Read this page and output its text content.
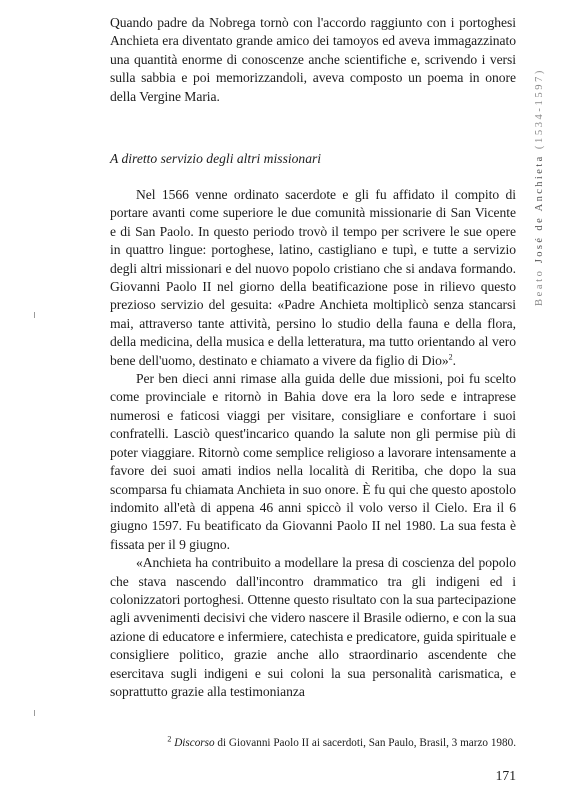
Beato José de Anchieta (1534-1597)

Quando padre da Nobrega tornò con l'accordo raggiunto con i portoghesi Anchieta era diventato grande amico dei tamoyos ed aveva immagazzinato una quantità enorme di conoscenze anche scientifiche e, scrivendo i versi sulla sabbia e poi memorizzandoli, aveva composto un poema in onore della Vergine Maria.

A diretto servizio degli altri missionari

Nel 1566 venne ordinato sacerdote e gli fu affidato il compito di portare avanti come superiore le due comunità missionarie di San Vicente e di San Paolo. In questo periodo trovò il tempo per scrivere le sue opere in quattro lingue: portoghese, latino, castigliano e tupì, e tutte a servizio degli altri missionari e del nuovo popolo cristiano che si andava formando. Giovanni Paolo II nel giorno della beatificazione pose in rilievo questo prezioso servizio del gesuita: «Padre Anchieta moltiplicò senza stancarsi mai, attraverso tante attività, persino lo studio della fauna e della flora, della medicina, della musica e della letteratura, ma tutto orientando al vero bene dell'uomo, destinato e chiamato a vivere da figlio di Dio»$^2$.

Per ben dieci anni rimase alla guida delle due missioni, poi fu scelto come provinciale e ritornò in Bahia dove era la loro sede e intraprese numerosi e faticosi viaggi per visitare, consigliare e confortare i suoi confratelli. Lasciò quest'incarico quando la salute non gli permise più di poter viaggiare. Ritornò come semplice religioso a lavorare intensamente a favore dei suoi amati indios nella località di Reritiba, che dopo la sua scomparsa fu chiamata Anchieta in suo onore. È fu qui che questo apostolo indomito all'età di appena 46 anni spiccò il volo verso il Cielo. Era il 6 giugno 1597. Fu beatificato da Giovanni Paolo II nel 1980. La sua festa è fissata per il 9 giugno.

«Anchieta ha contribuito a modellare la presa di coscienza del popolo che stava nascendo dall'incontro drammatico tra gli indigeni ed i colonizzatori portoghesi. Ottenne questo risultato con la sua partecipazione agli avvenimenti decisivi che videro nascere il Brasile odierno, e con la sua azione di educatore e infermiere, catechista e predicatore, guida spirituale e consigliere politico, grazie anche allo straordinario ascendente che esercitava sugli indigeni e sui coloni la sua personalità carismatica, e soprattutto grazie alla testimonianza

$^2$ Discorso di Giovanni Paolo II ai sacerdoti, San Paulo, Brasil, 3 marzo 1980.
171
